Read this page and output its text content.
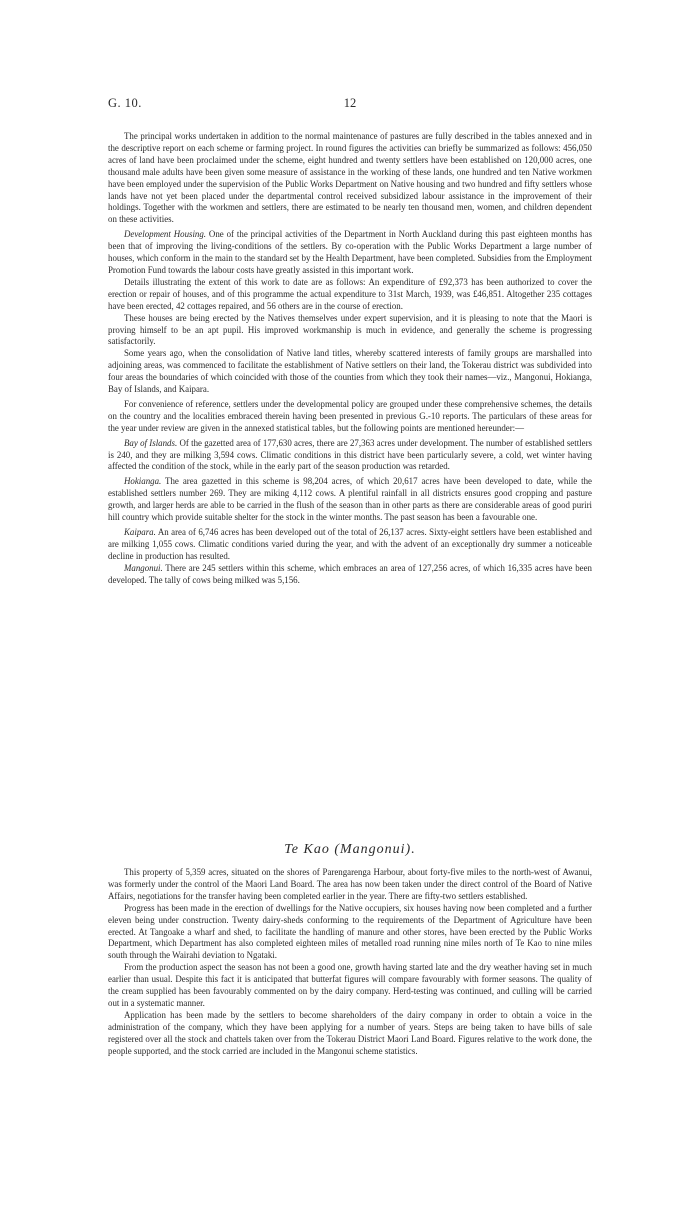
G. 10.	12

The principal works undertaken in addition to the normal maintenance of pastures are fully described in the tables annexed and in the descriptive report on each scheme or farming project. In round figures the activities can briefly be summarized as follows: 456,050 acres of land have been proclaimed under the scheme, eight hundred and twenty settlers have been established on 120,000 acres, one thousand male adults have been given some measure of assistance in the working of these lands, one hundred and ten Native workmen have been employed under the supervision of the Public Works Department on Native housing and two hundred and fifty settlers whose lands have not yet been placed under the departmental control received subsidized labour assistance in the improvement of their holdings. Together with the workmen and settlers, there are estimated to be nearly ten thousand men, women, and children dependent on these activities.

Development Housing. One of the principal activities of the Department in North Auckland during this past eighteen months has been that of improving the living-conditions of the settlers. By co-operation with the Public Works Department a large number of houses, which conform in the main to the standard set by the Health Department, have been completed. Subsidies from the Employment Promotion Fund towards the labour costs have greatly assisted in this important work.

Details illustrating the extent of this work to date are as follows: An expenditure of £92,373 has been authorized to cover the erection or repair of houses, and of this programme the actual expenditure to 31st March, 1939, was £46,851. Altogether 235 cottages have been erected, 42 cottages repaired, and 56 others are in the course of erection.

These houses are being erected by the Natives themselves under expert supervision, and it is pleasing to note that the Maori is proving himself to be an apt pupil. His improved workmanship is much in evidence, and generally the scheme is progressing satisfactorily.

Some years ago, when the consolidation of Native land titles, whereby scattered interests of family groups are marshalled into adjoining areas, was commenced to facilitate the establishment of Native settlers on their land, the Tokerau district was subdivided into four areas the boundaries of which coincided with those of the counties from which they took their names—viz., Mangonui, Hokianga, Bay of Islands, and Kaipara.

For convenience of reference, settlers under the developmental policy are grouped under these comprehensive schemes, the details on the country and the localities embraced therein having been presented in previous G.-10 reports. The particulars of these areas for the year under review are given in the annexed statistical tables, but the following points are mentioned hereunder:—

Bay of Islands. Of the gazetted area of 177,630 acres, there are 27,363 acres under development. The number of established settlers is 240, and they are milking 3,594 cows. Climatic conditions in this district have been particularly severe, a cold, wet winter having affected the condition of the stock, while in the early part of the season production was retarded.

Hokianga. The area gazetted in this scheme is 98,204 acres, of which 20,617 acres have been developed to date, while the established settlers number 269. They are miking 4,112 cows. A plentiful rainfall in all districts ensures good cropping and pasture growth, and larger herds are able to be carried in the flush of the season than in other parts as there are considerable areas of good puriri hill country which provide suitable shelter for the stock in the winter months. The past season has been a favourable one.

Kaipara. An area of 6,746 acres has been developed out of the total of 26,137 acres. Sixty-eight settlers have been established and are milking 1,055 cows. Climatic conditions varied during the year, and with the advent of an exceptionally dry summer a noticeable decline in production has resulted.

Mangonui. There are 245 settlers within this scheme, which embraces an area of 127,256 acres, of which 16,335 acres have been developed. The tally of cows being milked was 5,156.

Te Kao (Mangonui).

This property of 5,359 acres, situated on the shores of Parengarenga Harbour, about forty-five miles to the north-west of Awanui, was formerly under the control of the Maori Land Board. The area has now been taken under the direct control of the Board of Native Affairs, negotiations for the transfer having been completed earlier in the year. There are fifty-two settlers established.

Progress has been made in the erection of dwellings for the Native occupiers, six houses having now been completed and a further eleven being under construction. Twenty dairy-sheds conforming to the requirements of the Department of Agriculture have been erected. At Tangoake a wharf and shed, to facilitate the handling of manure and other stores, have been erected by the Public Works Department, which Department has also completed eighteen miles of metalled road running nine miles north of Te Kao to nine miles south through the Wairahi deviation to Ngataki.

From the production aspect the season has not been a good one, growth having started late and the dry weather having set in much earlier than usual. Despite this fact it is anticipated that butterfat figures will compare favourably with former seasons. The quality of the cream supplied has been favourably commented on by the dairy company. Herd-testing was continued, and culling will be carried out in a systematic manner.

Application has been made by the settlers to become shareholders of the dairy company in order to obtain a voice in the administration of the company, which they have been applying for a number of years. Steps are being taken to have bills of sale registered over all the stock and chattels taken over from the Tokerau District Maori Land Board. Figures relative to the work done, the people supported, and the stock carried are included in the Mangonui scheme statistics.
